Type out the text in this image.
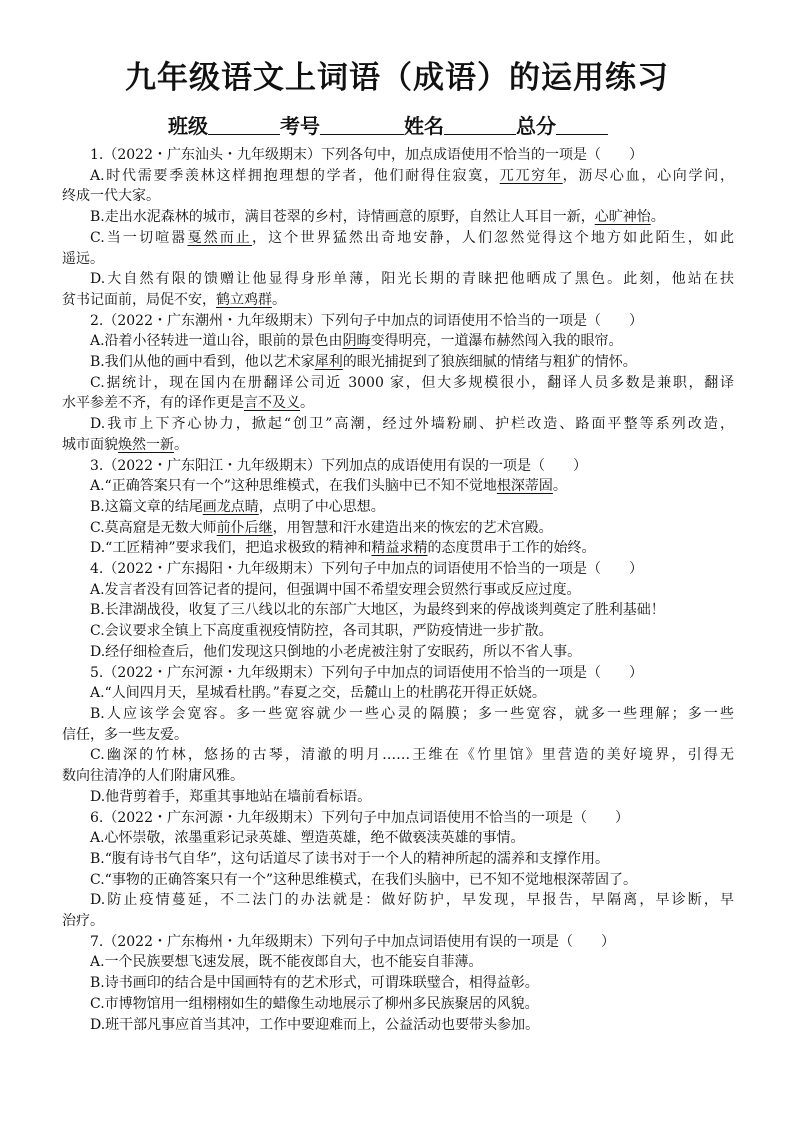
九年级语文上词语（成语）的运用练习
班级	考号	姓名	总分

1.（2022・广东汕头・九年级期末）下列各句中，加点成语使用不恰当的一项是（　　）

A.时代需要季羡林这样拥抱理想的学者，他们耐得住寂寞，兀兀穷年，沥尽心血，心向学问，

终成一代大家。

B.走出水泥森林的城市，满目苍翠的乡村，诗情画意的原野，自然让人耳目一新，心旷神怡。

C.当一切喧嚣戛然而止，这个世界猛然出奇地安静，人们忽然觉得这个地方如此陌生，如此

遥远。

D.大自然有限的馈赠让他显得身形单薄，阳光长期的青睐把他晒成了黑色。此刻，他站在扶

贫书记面前，局促不安，鹤立鸡群。

2.（2022・广东潮州・九年级期末）下列句子中加点的词语使用不恰当的一项是（　　）

A.沿着小径转进一道山谷，眼前的景色由阴晦变得明亮，一道瀑布赫然闯入我的眼帘。

B.我们从他的画中看到，他以艺术家犀利的眼光捕捉到了狼族细腻的情绪与粗犷的情怀。

C.据统计，现在国内在册翻译公司近 3000 家，但大多规模很小，翻译人员多数是兼职，翻译

水平参差不齐，有的译作更是言不及义。

D.我市上下齐心协力，掀起“创卫”高潮，经过外墙粉刷、护栏改造、路面平整等系列改造，

城市面貌焕然一新。

3.（2022・广东阳江・九年级期末）下列加点的成语使用有误的一项是（　　）

A.“正确答案只有一个”这种思维模式，在我们头脑中已不知不觉地根深蒂固。

B.这篇文章的结尾画龙点睛，点明了中心思想。

C.莫高窟是无数大师前仆后继，用智慧和汗水建造出来的恢宏的艺术宫殿。

D.“工匠精神”要求我们，把追求极致的精神和精益求精的态度贯串于工作的始终。

4.（2022・广东揭阳・九年级期末）下列句子中加点的词语使用不恰当的一项是（　　）

A.发言者没有回答记者的提问，但强调中国不希望安理会贸然行事或反应过度。

B.长津湖战役，收复了三八线以北的东部广大地区，为最终到来的停战谈判奠定了胜利基础！

C.会议要求全镇上下高度重视疫情防控，各司其职，严防疫情进一步扩散。

D.经仔细检查后，他们发现这只倒地的小老虎被注射了安眠药，所以不省人事。

5.（2022・广东河源・九年级期末）下列句子中加点的词语使用不恰当的一项是（　　）

A.“人间四月天，星城看杜鹃。”春夏之交，岳麓山上的杜鹃花开得正妖娆。

B.人应该学会宽容。多一些宽容就少一些心灵的隔膜；多一些宽容，就多一些理解；多一些

信任，多一些友爱。

C.幽深的竹林，悠扬的古琴，清澈的明月……王维在《竹里馆》里营造的美好境界，引得无

数向往清净的人们附庸风雅。

D.他背剪着手，郑重其事地站在墙前看标语。

6.（2022・广东河源・九年级期末）下列句子中加点词语使用不恰当的一项是（　　）

A.心怀崇敬，浓墨重彩记录英雄、塑造英雄，绝不做亵渎英雄的事情。

B.“腹有诗书气自华”，这句话道尽了读书对于一个人的精神所起的濡养和支撑作用。

C.“事物的正确答案只有一个”这种思维模式，在我们头脑中，已不知不觉地根深蒂固了。

D.防止疫情蔓延，不二法门的办法就是：做好防护，早发现，早报告，早隔离，早诊断，早

治疗。

7.（2022・广东梅州・九年级期末）下列句子中加点词语使用有误的一项是（　　）

A.一个民族要想飞速发展，既不能夜郎自大，也不能妄自菲薄。

B.诗书画印的结合是中国画特有的艺术形式，可谓珠联璧合，相得益彰。

C.市博物馆用一组栩栩如生的蜡像生动地展示了柳州多民族聚居的风貌。

D.班干部凡事应首当其冲，工作中要迎难而上，公益活动也要带头参加。
